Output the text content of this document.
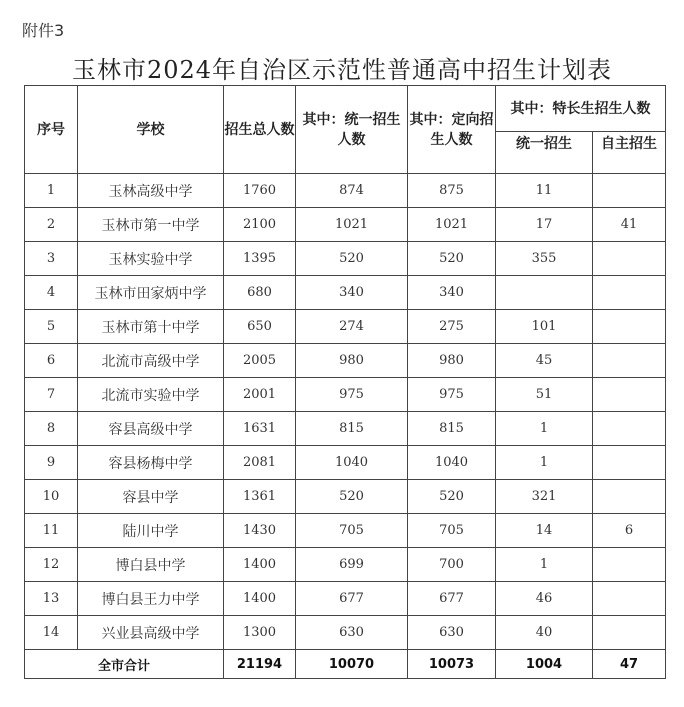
附件3
玉林市2024年自治区示范性普通高中招生计划表
序号	学校	招生总人数	其中：统一招生人数	其中：定向招生人数	其中：特长生招生人数	
					统一招生	自主招生
1	玉林高级中学	1760	874	875	11	
2	玉林市第一中学	2100	1021	1021	17	41
3	玉林实验中学	1395	520	520	355	
4	玉林市田家炳中学	680	340	340		
5	玉林市第十中学	650	274	275	101	
6	北流市高级中学	2005	980	980	45	
7	北流市实验中学	2001	975	975	51	
8	容县高级中学	1631	815	815	1	
9	容县杨梅中学	2081	1040	1040	1	
10	容县中学	1361	520	520	321	
11	陆川中学	1430	705	705	14	6
12	博白县中学	1400	699	700	1	
13	博白县王力中学	1400	677	677	46	
14	兴业县高级中学	1300	630	630	40	
全市合计		21194	10070	10073	1004	47
